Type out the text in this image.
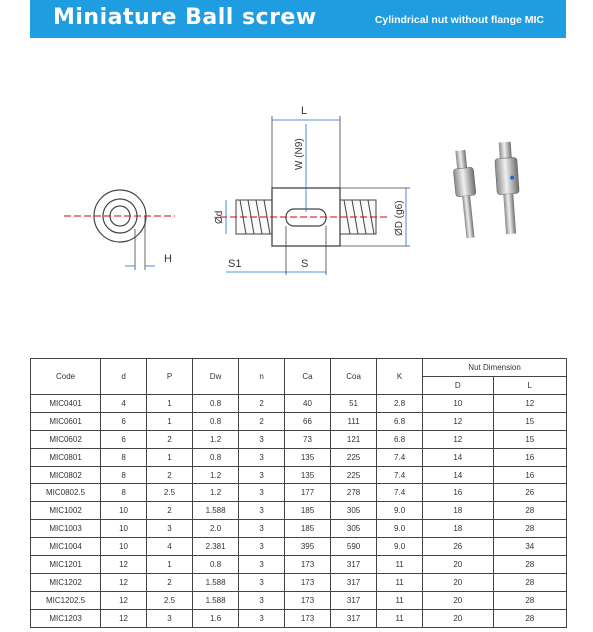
Miniature Ball screw	Cylindrical nut without flange MIC
H
L
W (N9)
Ød	ØD (g6)
S1	S
Code	d	P	Dw	n	Ca	Coa	K	Nut Dimension	
								D	L
MIC0401	4	1	0.8	2	40	51	2.8	10	12
MIC0601	6	1	0.8	2	66	111	6.8	12	15
MIC0602	6	2	1.2	3	73	121	6.8	12	15
MIC0801	8	1	0.8	3	135	225	7.4	14	16
MIC0802	8	2	1.2	3	135	225	7.4	14	16
MIC0802.5	8	2.5	1.2	3	177	278	7.4	16	26
MIC1002	10	2	1.588	3	185	305	9.0	18	28
MIC1003	10	3	2.0	3	185	305	9.0	18	28
MIC1004	10	4	2.381	3	395	590	9.0	26	34
MIC1201	12	1	0.8	3	173	317	11	20	28
MIC1202	12	2	1.588	3	173	317	11	20	28
MIC1202.5	12	2.5	1.588	3	173	317	11	20	28
MIC1203	12	3	1.6	3	173	317	11	20	28
